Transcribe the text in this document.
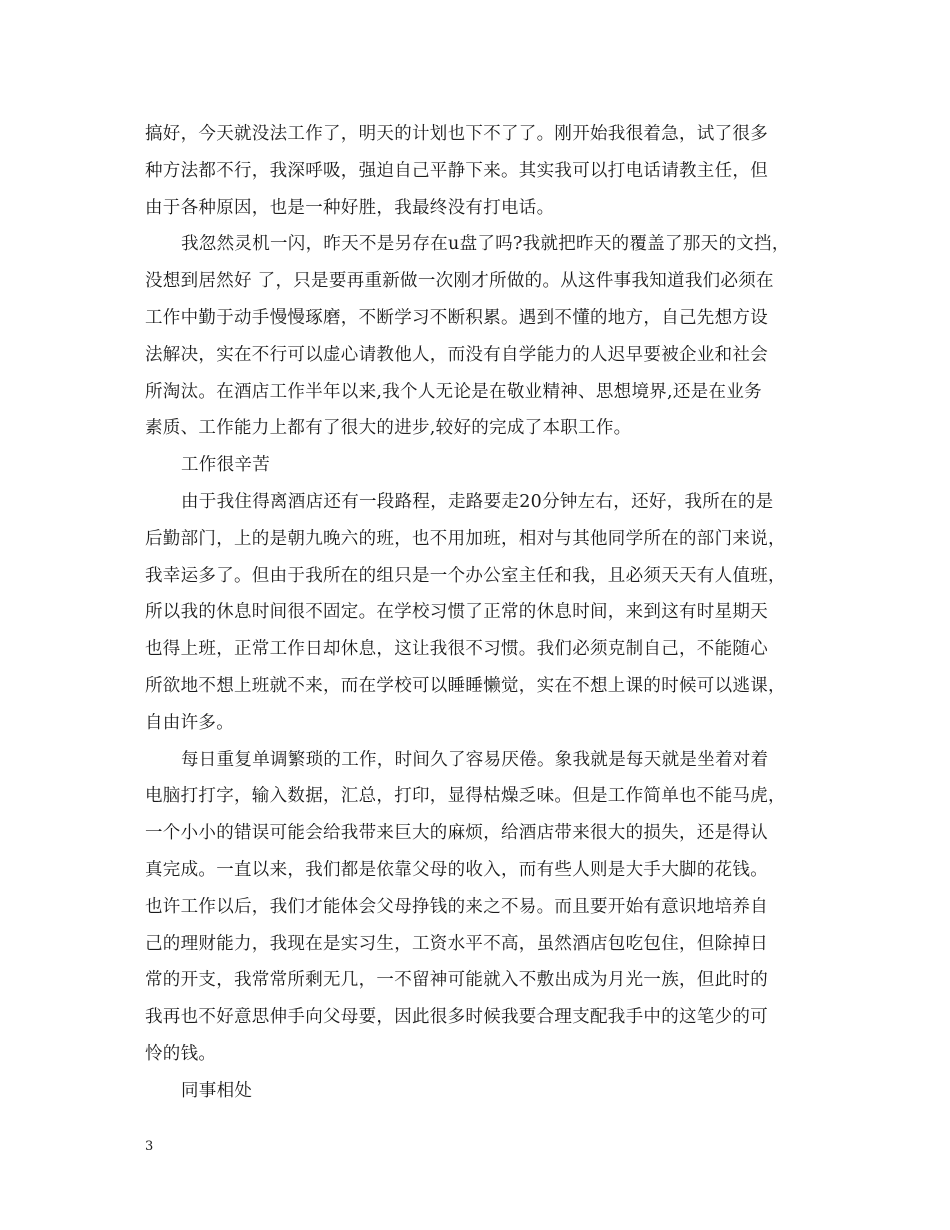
搞好，今天就没法工作了，明天的计划也下不了了。刚开始我很着急，试了很多
种方法都不行，我深呼吸，强迫自己平静下来。其实我可以打电话请教主任，但
由于各种原因，也是一种好胜，我最终没有打电话。
我忽然灵机一闪，昨天不是另存在u盘了吗?我就把昨天的覆盖了那天的文挡，
没想到居然好 了，只是要再重新做一次刚才所做的。从这件事我知道我们必须在
工作中勤于动手慢慢琢磨，不断学习不断积累。遇到不懂的地方，自己先想方设
法解决，实在不行可以虚心请教他人，而没有自学能力的人迟早要被企业和社会
所淘汰。在酒店工作半年以来,我个人无论是在敬业精神、思想境界,还是在业务
素质、工作能力上都有了很大的进步,较好的完成了本职工作。
工作很辛苦
由于我住得离酒店还有一段路程，走路要走20分钟左右，还好，我所在的是
后勤部门，上的是朝九晚六的班，也不用加班，相对与其他同学所在的部门来说，
我幸运多了。但由于我所在的组只是一个办公室主任和我，且必须天天有人值班，
所以我的休息时间很不固定。在学校习惯了正常的休息时间，来到这有时星期天
也得上班，正常工作日却休息，这让我很不习惯。我们必须克制自己，不能随心
所欲地不想上班就不来，而在学校可以睡睡懒觉，实在不想上课的时候可以逃课，
自由许多。
每日重复单调繁琐的工作，时间久了容易厌倦。象我就是每天就是坐着对着
电脑打打字，输入数据，汇总，打印，显得枯燥乏味。但是工作简单也不能马虎，
一个小小的错误可能会给我带来巨大的麻烦，给酒店带来很大的损失，还是得认
真完成。一直以来，我们都是依靠父母的收入，而有些人则是大手大脚的花钱。
也许工作以后，我们才能体会父母挣钱的来之不易。而且要开始有意识地培养自
己的理财能力，我现在是实习生，工资水平不高，虽然酒店包吃包住，但除掉日
常的开支，我常常所剩无几，一不留神可能就入不敷出成为月光一族，但此时的
我再也不好意思伸手向父母要，因此很多时候我要合理支配我手中的这笔少的可
怜的钱。
同事相处
3
